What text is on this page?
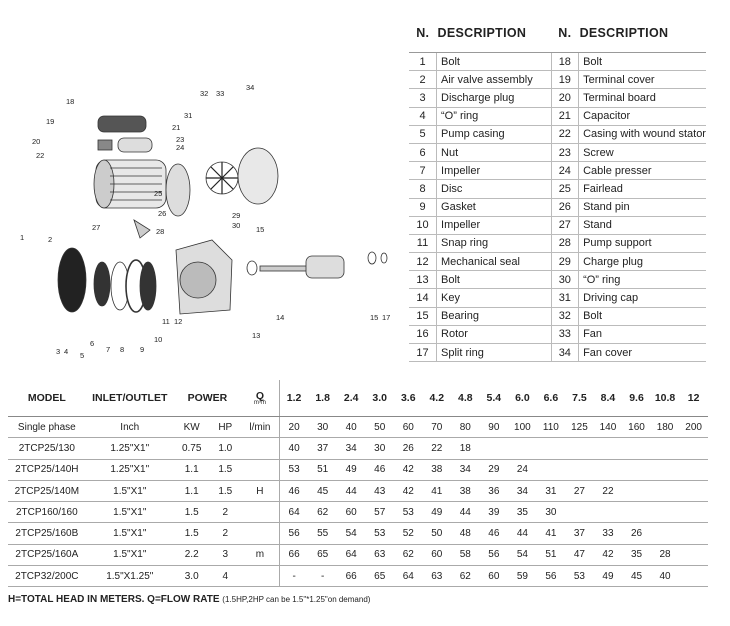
1	2
3 4 5
6
7 8 9
10
11 12
13
14
15
15 17
18
19
20
21
22
23
24
25
26
27	28
29
30
31
32 33
34
N.	DESCRIPTION	N.	DESCRIPTION
1	Bolt	18	Bolt
2	Air valve assembly	19	Terminal cover
3	Discharge plug	20	Terminal board
4	“O” ring	21	Capacitor
5	Pump casing	22	Casing with wound stator
6	Nut	23	Screw
7	Impeller	24	Cable presser
8	Disc	25	Fairlead
9	Gasket	26	Stand pin
10	Impeller	27	Stand
11	Snap ring	28	Pump support
12	Mechanical seal	29	Charge plug
13	Bolt	30	“O” ring
14	Key	31	Driving cap
15	Bearing	32	Bolt
16	Rotor	33	Fan
17	Split ring	34	Fan cover
MODEL	INLET/OUTLET	POWER		Q
m³/h	1.2	1.8	2.4	3.0	3.6	4.2	4.8	5.4	6.0	6.6	7.5	8.4	9.6	10.8	12
Single phase	Inch	KW	HP	l/min	20	30	40	50	60	70	80	90	100	110	125	140	160	180	200
2TCP25/130	1.25"X1"	0.75	1.0		40	37	34	30	26	22	18								
2TCP25/140H	1.25"X1"	1.1	1.5		53	51	49	46	42	38	34	29	24						
2TCP25/140M	1.5"X1"	1.1	1.5	H	46	45	44	43	42	41	38	36	34	31	27	22			
2TCP160/160	1.5"X1"	1.5	2		64	62	60	57	53	49	44	39	35	30					
2TCP25/160B	1.5"X1"	1.5	2		56	55	54	53	52	50	48	46	44	41	37	33	26		
2TCP25/160A	1.5"X1"	2.2	3	m	66	65	64	63	62	60	58	56	54	51	47	42	35	28	
2TCP32/200C	1.5"X1.25"	3.0	4		-	-	66	65	64	63	62	60	59	56	53	49	45	40	
H=TOTAL HEAD IN METERS. Q=FLOW RATE (1.5HP,2HP can be 1.5"*1.25"on demand)
